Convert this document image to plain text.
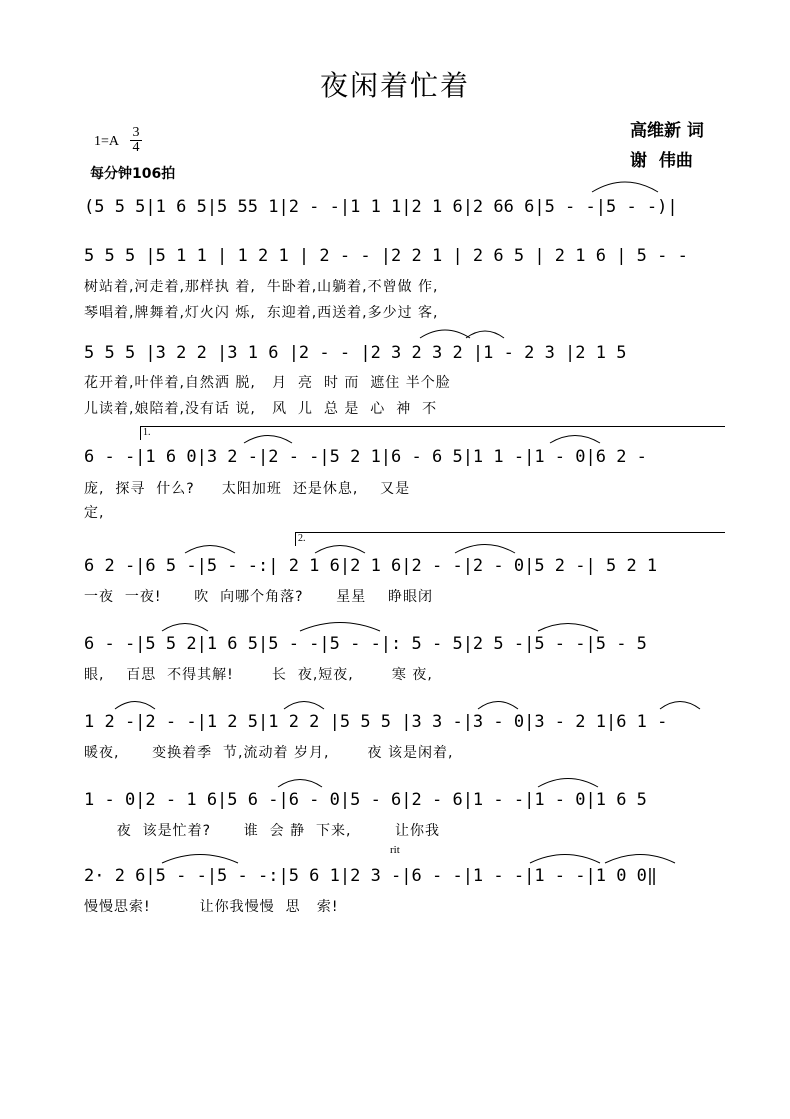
夜闲着忙着
高维新 词
谢  伟曲
$1=A \frac{3}{4}$
每分钟106拍
(5 5 5|1 6 5|5 55 1|2 - -|1 1 1|2 1 6|2 66 6|5 - -|5 - -)|
5 5 5 |5 1 1 | 1 2 1 | 2 - - |2 2 1 | 2 6 5 | 2 1 6 | 5 - -
树站着,河走着,那样执 着,  牛卧着,山躺着,不曾做 作,
琴唱着,牌舞着,灯火闪 烁,  东迎着,西送着,多少过 客,
5 5 5 |3 2 2 |3 1 6 |2 - - |2 3 2 3 2 |1 - 2 3 |2 1 5
花开着,叶伴着,自然洒 脱,   月  亮  时 而  遮住 半个脸
儿读着,娘陪着,没有话 说,   风  儿  总 是  心  神  不
1.
6 - -|1 6 0|3 2 -|2 - -|5 2 1|6 - 6 5|1 1 -|1 - 0|6 2 -
庞,  探寻  什么?     太阳加班  还是休息,    又是
定,
2.
6 2 -|6 5 -|5 - -:| 2 1 6|2 1 6|2 - -|2 - 0|5 2 -| 5 2 1
一夜  一夜!      吹  向哪个角落?      星星    睁眼闭
6 - -|5 5 2|1 6 5|5 - -|5 - -|: 5 - 5|2 5 -|5 - -|5 - 5
眼,    百思  不得其解!       长  夜,短夜,       寒 夜,
1 2 -|2 - -|1 2 5|1 2 2 |5 5 5 |3 3 -|3 - 0|3 - 2 1|6 1 -
暖夜,      变换着季  节,流动着 岁月,       夜 该是闲着,
1 - 0|2 - 1 6|5 6 -|6 - 0|5 - 6|2 - 6|1 - -|1 - 0|1 6 5
夜  该是忙着?      谁  会 静  下来,        让你我
rit
2· 2 6|5 - -|5 - -:|5 6 1|2 3 -|6 - -|1 - -|1 - -|1 0 0‖
慢慢思索!         让你我慢慢  思   索!
